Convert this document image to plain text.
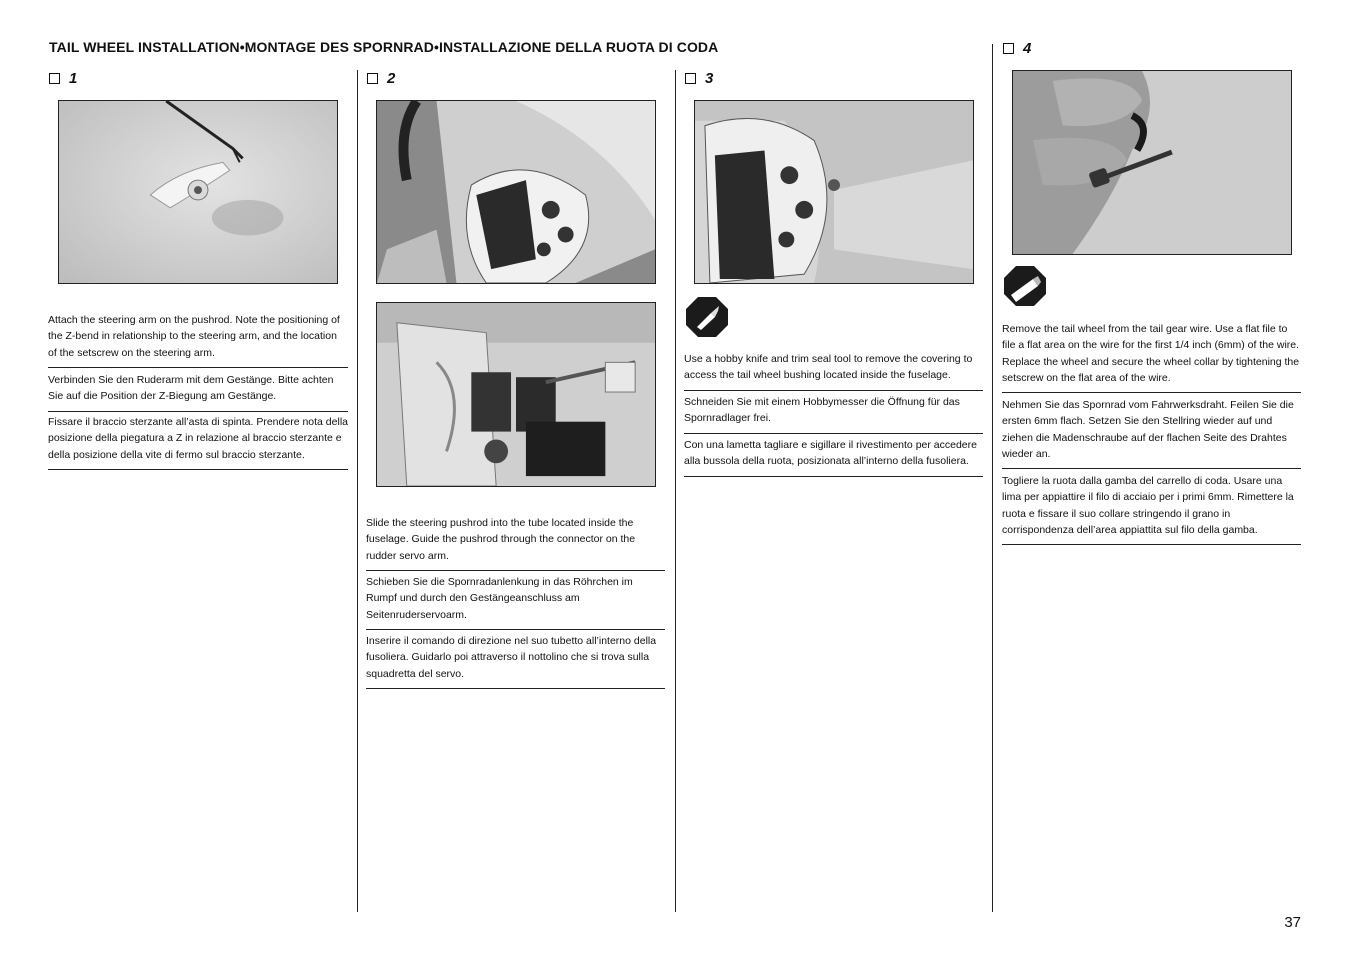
TAIL WHEEL INSTALLATION•MONTAGE DES SPORNRAD•INSTALLAZIONE DELLA RUOTA DI CODA
1
Attach the steering arm on the pushrod. Note the positioning of the Z-bend in relationship to the steering arm, and the location of the setscrew on the steering arm.
Verbinden Sie den Ruderarm mit dem Gestänge. Bitte achten Sie auf die Position der Z-Biegung am Gestänge.
Fissare il braccio sterzante all’asta di spinta. Prendere nota della posizione della piegatura a Z in relazione al braccio sterzante e della posizione della vite di fermo sul braccio sterzante.
2
Slide the steering pushrod into the tube located inside the fuselage. Guide the pushrod through the connector on the rudder servo arm.
Schieben Sie die Spornradanlenkung in das Röhrchen im Rumpf und durch den Gestängeanschluss am Seitenruderservoarm.
Inserire il comando di direzione nel suo tubetto all’interno della fusoliera. Guidarlo poi attraverso il nottolino che si trova sulla squadretta del servo.
3
Use a hobby knife and trim seal tool to remove the covering to access the tail wheel bushing located inside the fuselage.
Schneiden Sie mit einem Hobbymesser die Öffnung für das Spornradlager frei.
Con una lametta tagliare e sigillare il rivestimento per accedere alla bussola della ruota, posizionata all’interno della fusoliera.
4
Remove the tail wheel from the tail gear wire. Use a flat file to file a flat area on the wire for the first 1/4 inch (6mm) of the wire. Replace the wheel and secure the wheel collar by tightening the setscrew on the flat area of the wire.
Nehmen Sie das Spornrad vom Fahrwerksdraht. Feilen Sie die ersten 6mm flach. Setzen Sie den Stellring wieder auf und ziehen die Madenschraube auf der flachen Seite des Drahtes wieder an.
Togliere la ruota dalla gamba del carrello di coda. Usare una lima per appiattire il filo di acciaio per i primi 6mm. Rimettere la ruota e fissare il suo collare stringendo il grano in corrispondenza dell’area appiattita sul filo della gamba.
37
